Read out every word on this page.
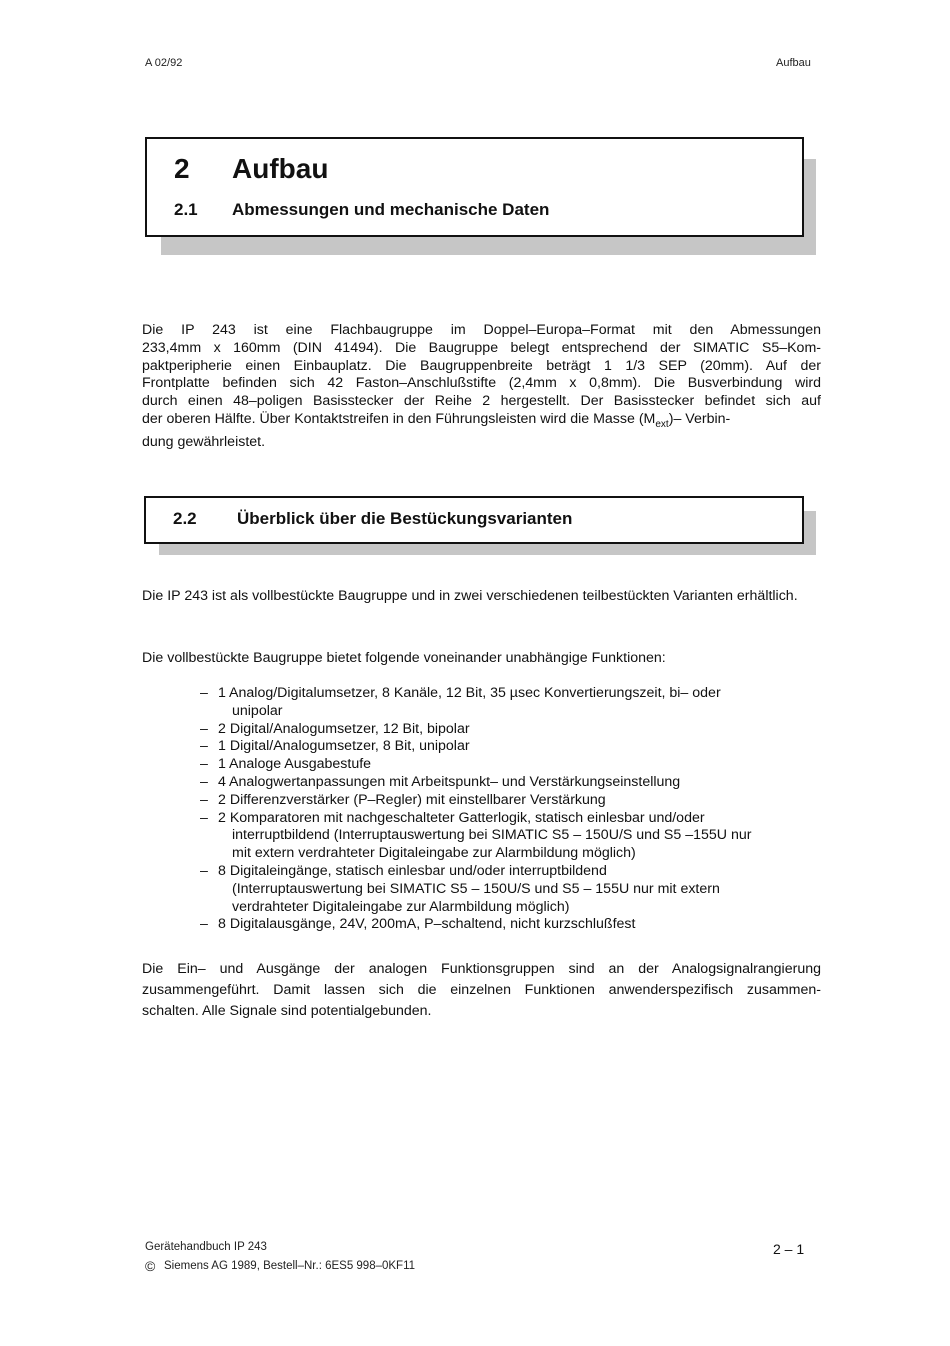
A 02/92	Aufbau
2 Aufbau
2.1 Abmessungen und mechanische Daten
Die IP 243 ist eine Flachbaugruppe im Doppel–Europa–Format mit den Abmessungen
233,4mm x 160mm (DIN 41494). Die Baugruppe belegt entsprechend der SIMATIC S5–Kom-
paktperipherie einen Einbauplatz. Die Baugruppenbreite beträgt 1 1/3 SEP (20mm). Auf der
Frontplatte befinden sich 42 Faston–Anschlußstifte (2,4mm x 0,8mm). Die Busverbindung wird
durch einen 48–poligen Basisstecker der Reihe 2 hergestellt. Der Basisstecker befindet sich auf
der oberen Hälfte. Über Kontaktstreifen in den Führungsleisten wird die Masse $(M_{ext})-$ Verbin-
dung gewährleistet.
2.2 Überblick über die Bestückungsvarianten
Die IP 243 ist als vollbestückte Baugruppe und in zwei verschiedenen teilbestückten Varianten erhältlich.
Die vollbestückte Baugruppe bietet folgende voneinander unabhängige Funktionen:
– 1 Analog/Digitalumsetzer, 8 Kanäle, 12 Bit, 35 µsec Konvertierungszeit, bi– oder
unipolar
– 2 Digital/Analogumsetzer, 12 Bit, bipolar
– 1 Digital/Analogumsetzer, 8 Bit, unipolar
– 1 Analoge Ausgabestufe
– 4 Analogwertanpassungen mit Arbeitspunkt– und Verstärkungseinstellung
– 2 Differenzverstärker (P–Regler) mit einstellbarer Verstärkung
– 2 Komparatoren mit nachgeschalteter Gatterlogik, statisch einlesbar und/oder
interruptbildend (Interruptauswertung bei SIMATIC S5 – 150U/S und S5 –155U nur
mit extern verdrahteter Digitaleingabe zur Alarmbildung möglich)
– 8 Digitaleingänge, statisch einlesbar und/oder interruptbildend
(Interruptauswertung bei SIMATIC S5 – 150U/S und S5 – 155U nur mit extern
verdrahteter Digitaleingabe zur Alarmbildung möglich)
– 8 Digitalausgänge, 24V, 200mA, P–schaltend, nicht kurzschlußfest
Die Ein– und Ausgänge der analogen Funktionsgruppen sind an der Analogsignalrangierung
zusammengeführt. Damit lassen sich die einzelnen Funktionen anwenderspezifisch zusammen-
schalten. Alle Signale sind potentialgebunden.
Gerätehandbuch IP 243
© Siemens AG 1989, Bestell–Nr.: 6ES5 998–0KF11
2 – 1
